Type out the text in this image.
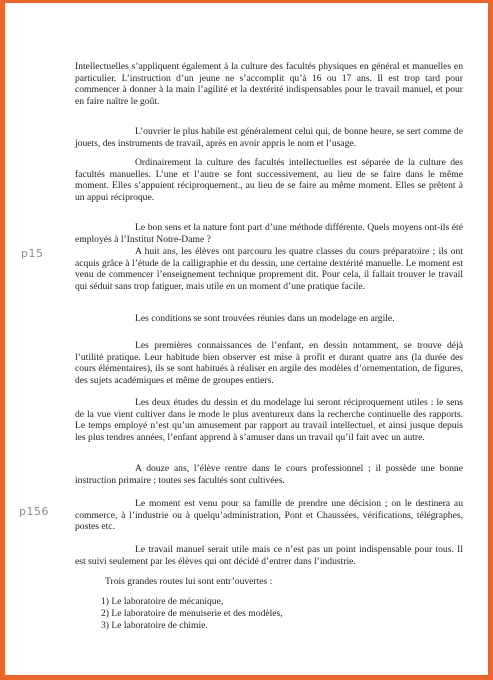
Intellectuelles s’appliquent également à la culture des facultés physiques en général et manuelles en particulier. L’instruction d’un jeune ne s’accomplit qu’à 16 ou 17 ans. Il est trop tard pour commencer à donner à la main l’agilité et la dextérité indispensables pour le travail manuel, et pour en faire naître le goût.

L’ouvrier le plus habile est généralement celui qui, de bonne heure, se sert comme de jouets, des instruments de travail, après en avoir appris le nom et l’usage.

Ordinairement la culture des facultés intellectuelles est séparée de la culture des facultés manuelles. L’une et l’autre se font successivement, au lieu de se faire dans le même moment. Elles s’appuient réciproquement., au lieu de se faire au même moment. Elles se prêtent à un appui réciproque.

Le bon sens et la nature font part d’une méthode différente. Quels moyens ont-ils été employés à l’Institut Notre-Dame ?

p15	A huit ans, les élèves ont parcouru les quatre classes du cours préparatoire ; ils ont acquis grâce à l’étude de la calligraphie et du dessin, une certaine dextérité manuelle. Le moment est venu de commencer l’enseignement technique proprement dit. Pour cela, il fallait trouver le travail qui séduit sans trop fatiguer, mais utile en un moment d’une pratique facile.

Les conditions se sont trouvées réunies dans un modelage en argile.

Les premières connaissances de l’enfant, en dessin notamment, se trouve déjà l’utilité pratique. Leur habitude bien observer est mise à profit et durant quatre ans (la durée des cours élémentaires), ils se sont habitués à réaliser en argile des modèles d’ornementation, de figures, des sujets académiques et même de groupes entiers.

Les deux études du dessin et du modelage lui seront réciproquement utiles : le sens de la vue vient cultiver dans le mode le plus aventureux dans la recherche continuelle des rapports. Le temps employé n’est qu’un amusement par rapport au travail intellectuel, et ainsi jusque depuis les plus tendres années, l’enfant apprend à s’amuser dans un travail qu’il fait avec un autre.

A douze ans, l’élève rentre dans le cours professionnel ; il possède une bonne instruction primaire ; toutes ses facultés sont cultivées.

p156

Le moment est venu pour sa famille de prendre une décision ; on le destinera au commerce, à l’industrie ou à quelqu’administration, Pont et Chaussées, vérifications, télégraphes, postes etc.

Le travail manuel serait utile mais ce n’est pas un point indispensable pour tous. Il est suivi seulement par les élèves qui ont décidé d’entrer dans l’industrie.

Trois grandes routes lui sont entr’ouvertes :

1) Le laboratoire de mécanique,

2) Le laboratoire de menuiserie et des modèles,

3) Le laboratoire de chimie.
